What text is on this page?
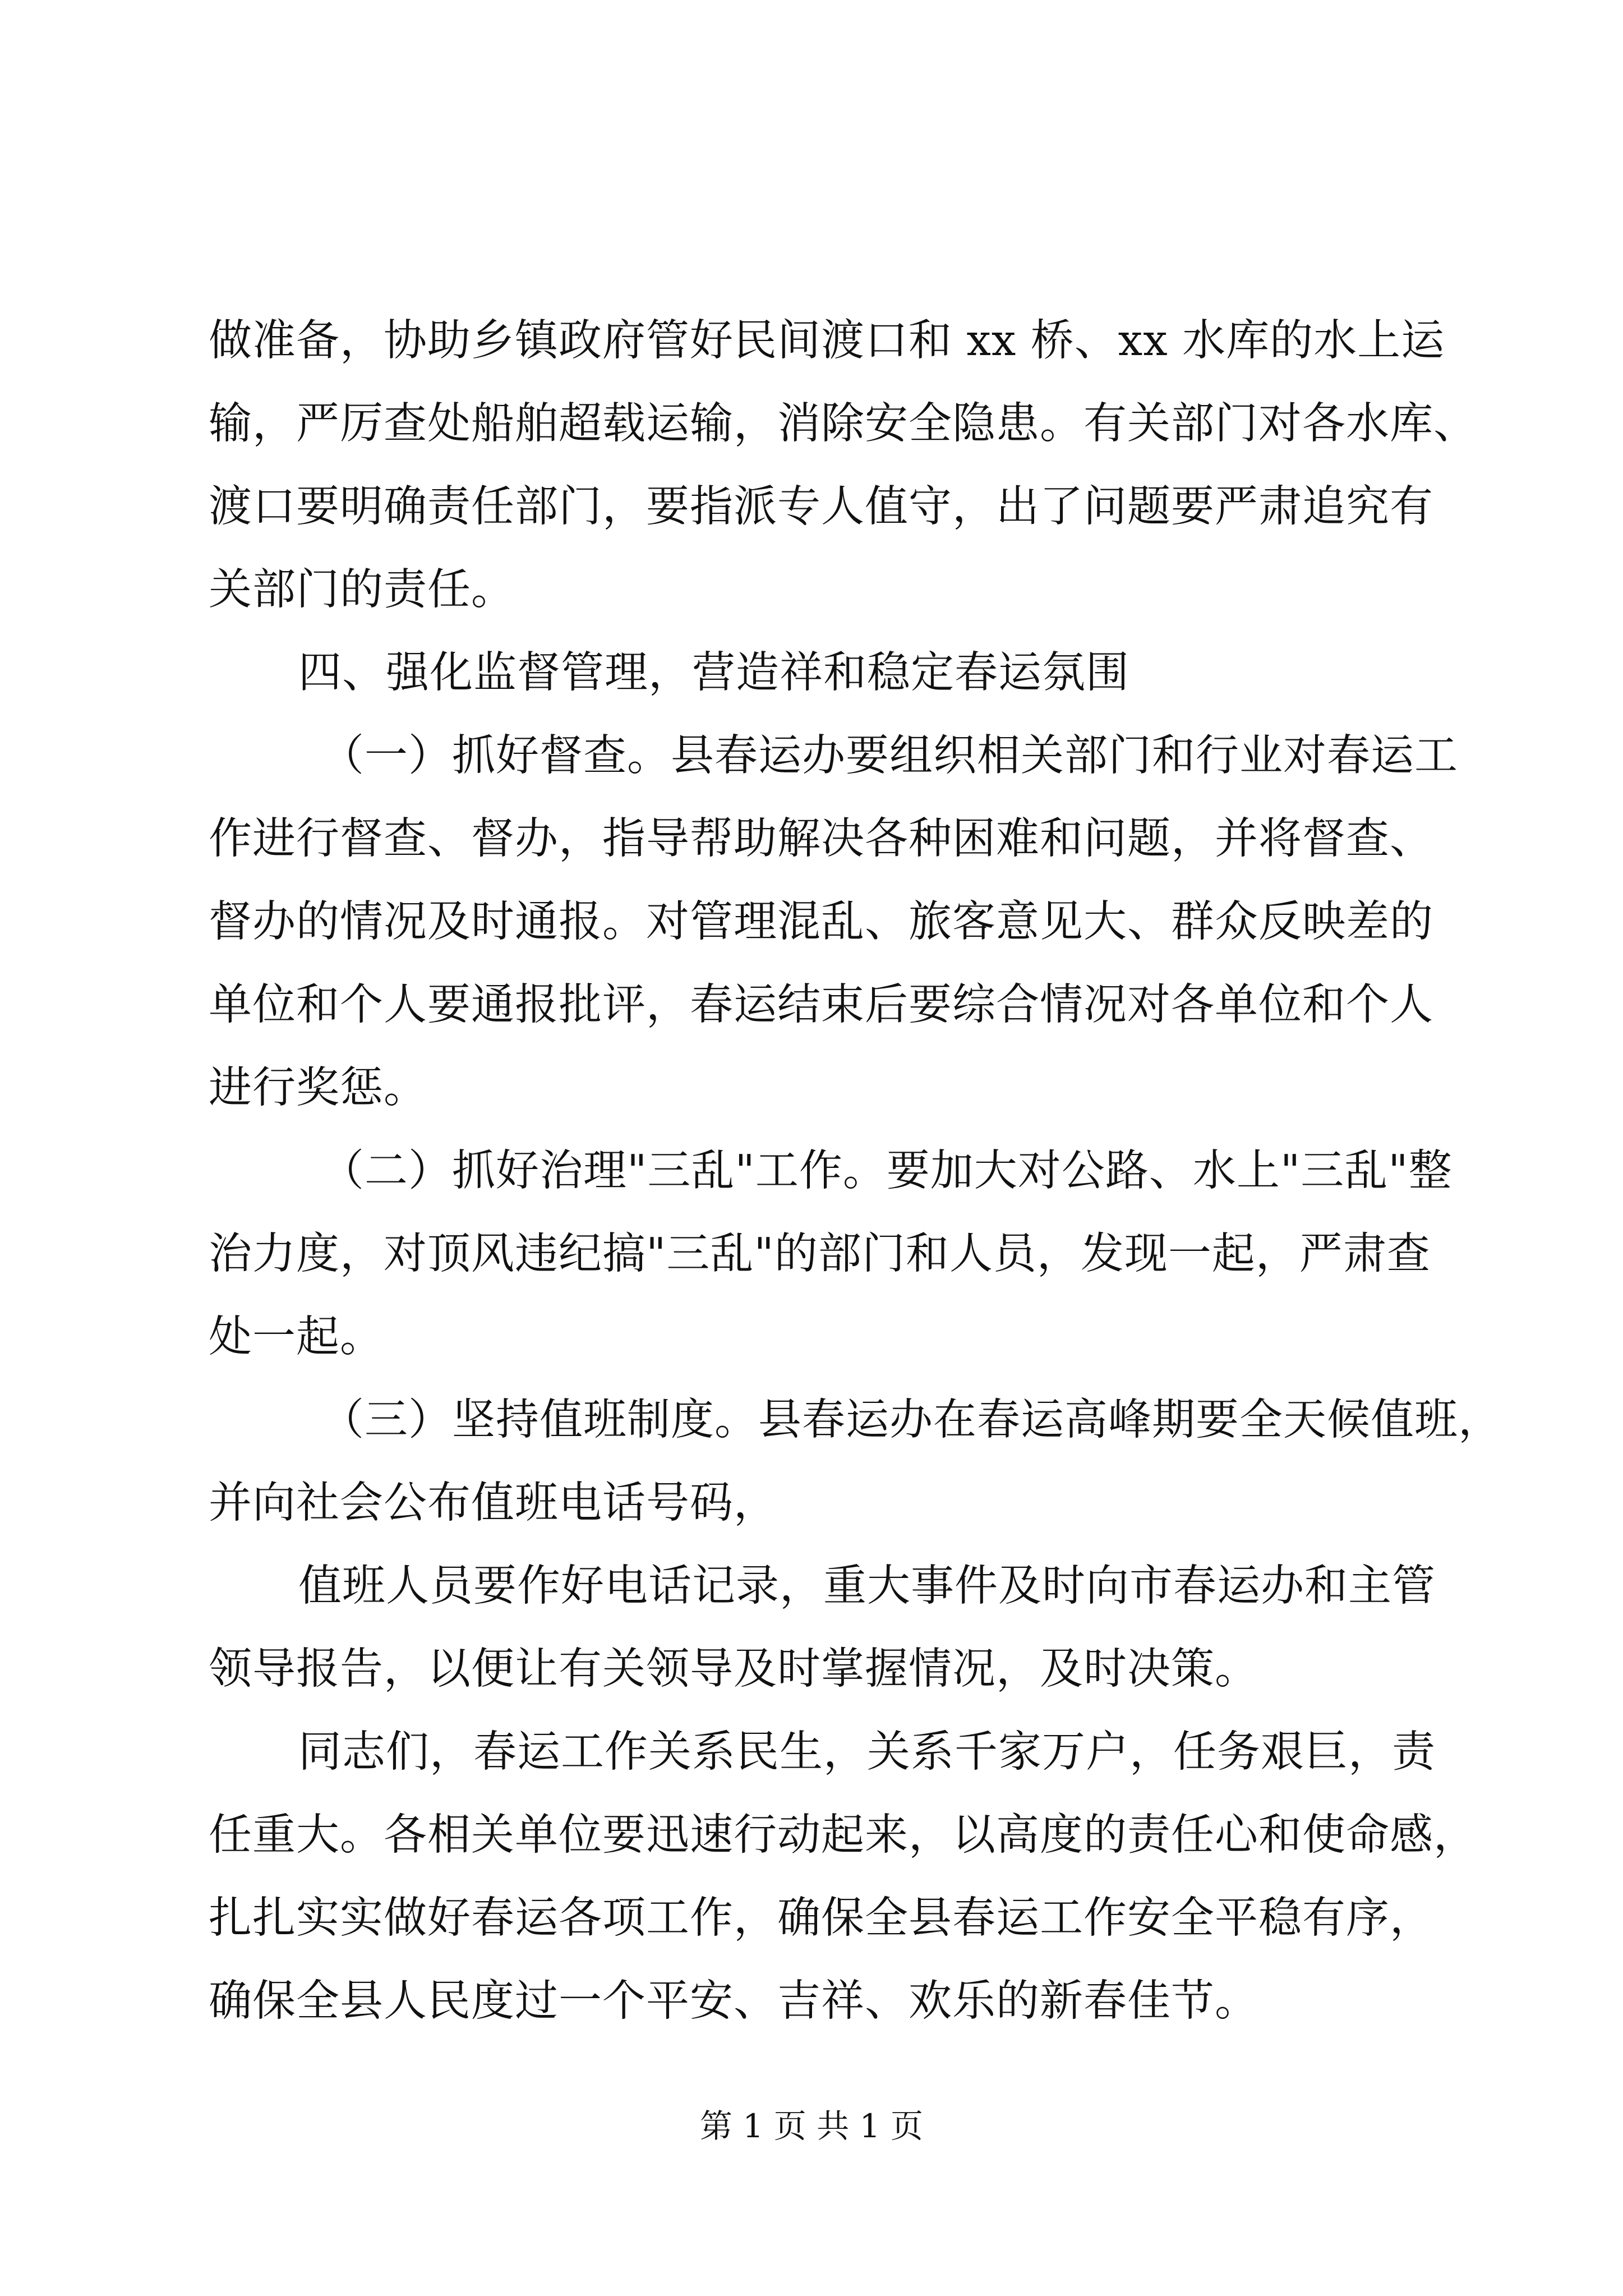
做准备，协助乡镇政府管好民间渡口和 xx 桥、xx 水库的水上运
输，严厉查处船舶超载运输，消除安全隐患。有关部门对各水库、
渡口要明确责任部门，要指派专人值守，出了问题要严肃追究有
关部门的责任。
四、强化监督管理，营造祥和稳定春运氛围
（一）抓好督查。县春运办要组织相关部门和行业对春运工
作进行督查、督办，指导帮助解决各种困难和问题，并将督查、
督办的情况及时通报。对管理混乱、旅客意见大、群众反映差的
单位和个人要通报批评，春运结束后要综合情况对各单位和个人
进行奖惩。
（二）抓好治理"三乱"工作。要加大对公路、水上"三乱"整
治力度，对顶风违纪搞"三乱"的部门和人员，发现一起，严肃查
处一起。
（三）坚持值班制度。县春运办在春运高峰期要全天候值班，
并向社会公布值班电话号码，
值班人员要作好电话记录，重大事件及时向市春运办和主管
领导报告，以便让有关领导及时掌握情况，及时决策。
同志们，春运工作关系民生，关系千家万户，任务艰巨，责
任重大。各相关单位要迅速行动起来，以高度的责任心和使命感，
扎扎实实做好春运各项工作，确保全县春运工作安全平稳有序，
确保全县人民度过一个平安、吉祥、欢乐的新春佳节。
第 1 页 共 1 页
